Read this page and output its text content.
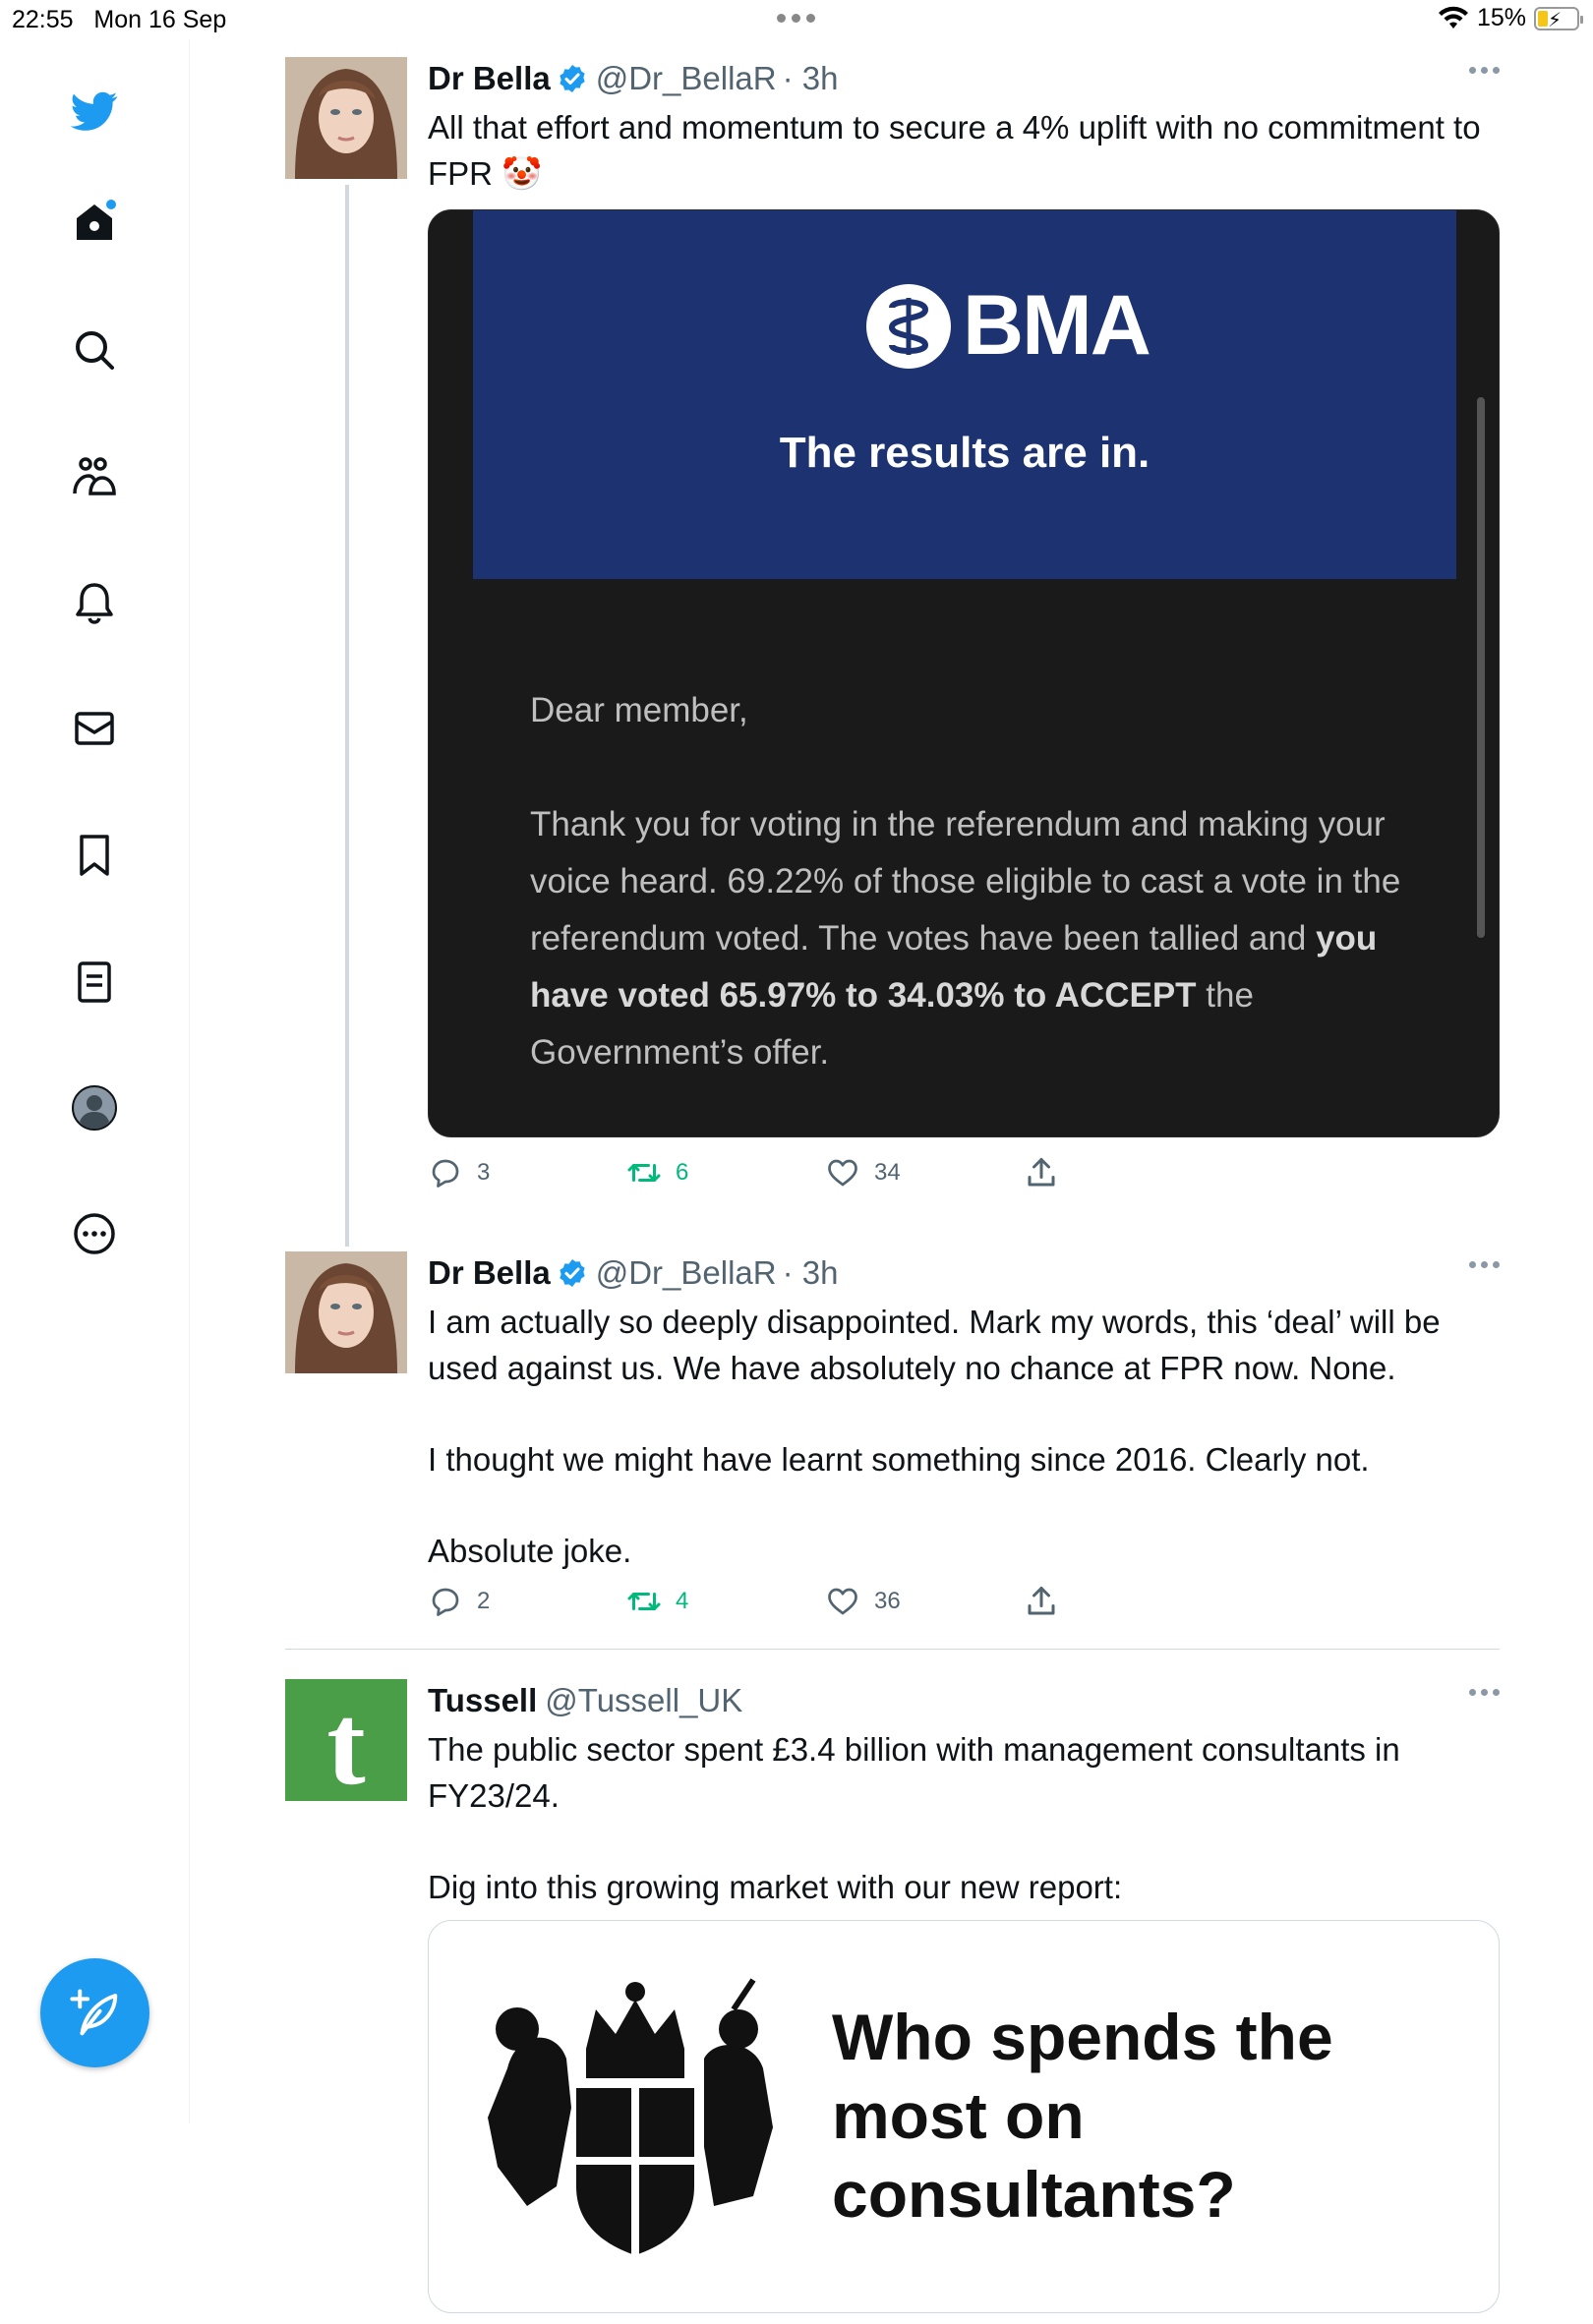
22:55 Mon 16 Sep	15% ⚡
Dr Bella @Dr_BellaR · 3h

All that effort and momentum to secure a 4% uplift with no commitment to FPR 🤡

BMA
The results are in.

Dear member,

Thank you for voting in the referendum and making your voice heard. 69.22% of those eligible to cast a vote in the referendum voted. The votes have been tallied and you have voted 65.97% to 34.03% to ACCEPT the Government’s offer.

3	6	34
Dr Bella @Dr_BellaR · 3h

I am actually so deeply disappointed. Mark my words, this ‘deal’ will be used against us. We have absolutely no chance at FPR now. None.

I thought we might have learnt something since 2016. Clearly not.

Absolute joke.

2	4	36
t Tussell @Tussell_UK

The public sector spent £3.4 billion with management consultants in FY23/24.

Dig into this growing market with our new report:

Who spends the most on consultants?
